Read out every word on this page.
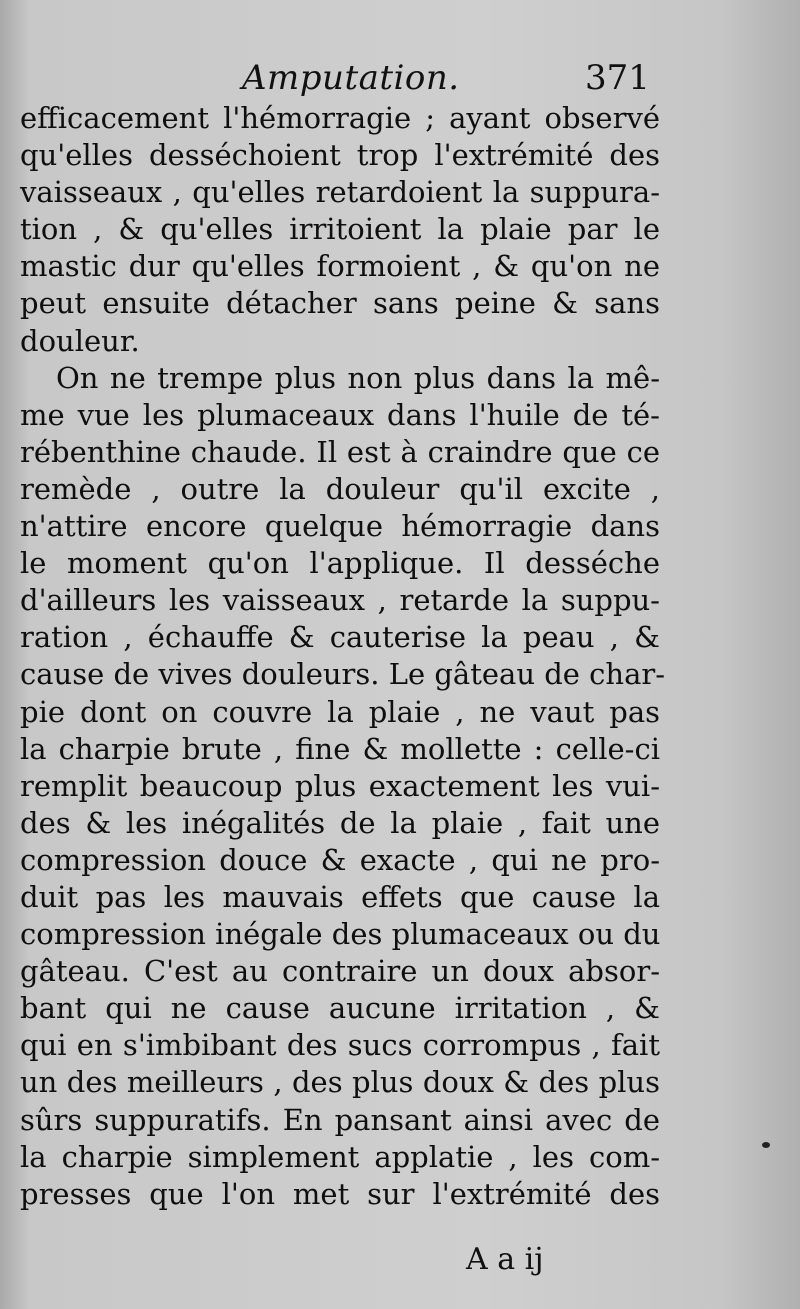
Amputation.	371
efficacement l'hémorragie ; ayant observé
qu'elles desséchoient trop l'extrémité des
vaisseaux , qu'elles retardoient la suppura-
tion , & qu'elles irritoient la plaie par le
mastic dur qu'elles formoient , & qu'on ne
peut ensuite détacher sans peine & sans
douleur.
On ne trempe plus non plus dans la mê-
me vue les plumaceaux dans l'huile de té-
rébenthine chaude. Il est à craindre que ce
remède , outre la douleur qu'il excite ,
n'attire encore quelque hémorragie dans
le moment qu'on l'applique. Il desséche
d'ailleurs les vaisseaux , retarde la suppu-
ration , échauffe & cauterise la peau , &
cause de vives douleurs. Le gâteau de char-
pie dont on couvre la plaie , ne vaut pas
la charpie brute , fine & mollette : celle-ci
remplit beaucoup plus exactement les vui-
des & les inégalités de la plaie , fait une
compression douce & exacte , qui ne pro-
duit pas les mauvais effets que cause la
compression inégale des plumaceaux ou du
gâteau. C'est au contraire un doux absor-
bant qui ne cause aucune irritation , &
qui en s'imbibant des sucs corrompus , fait
un des meilleurs , des plus doux & des plus
sûrs suppuratifs. En pansant ainsi avec de
la charpie simplement applatie , les com-
presses que l'on met sur l'extrémité des
A a ij
